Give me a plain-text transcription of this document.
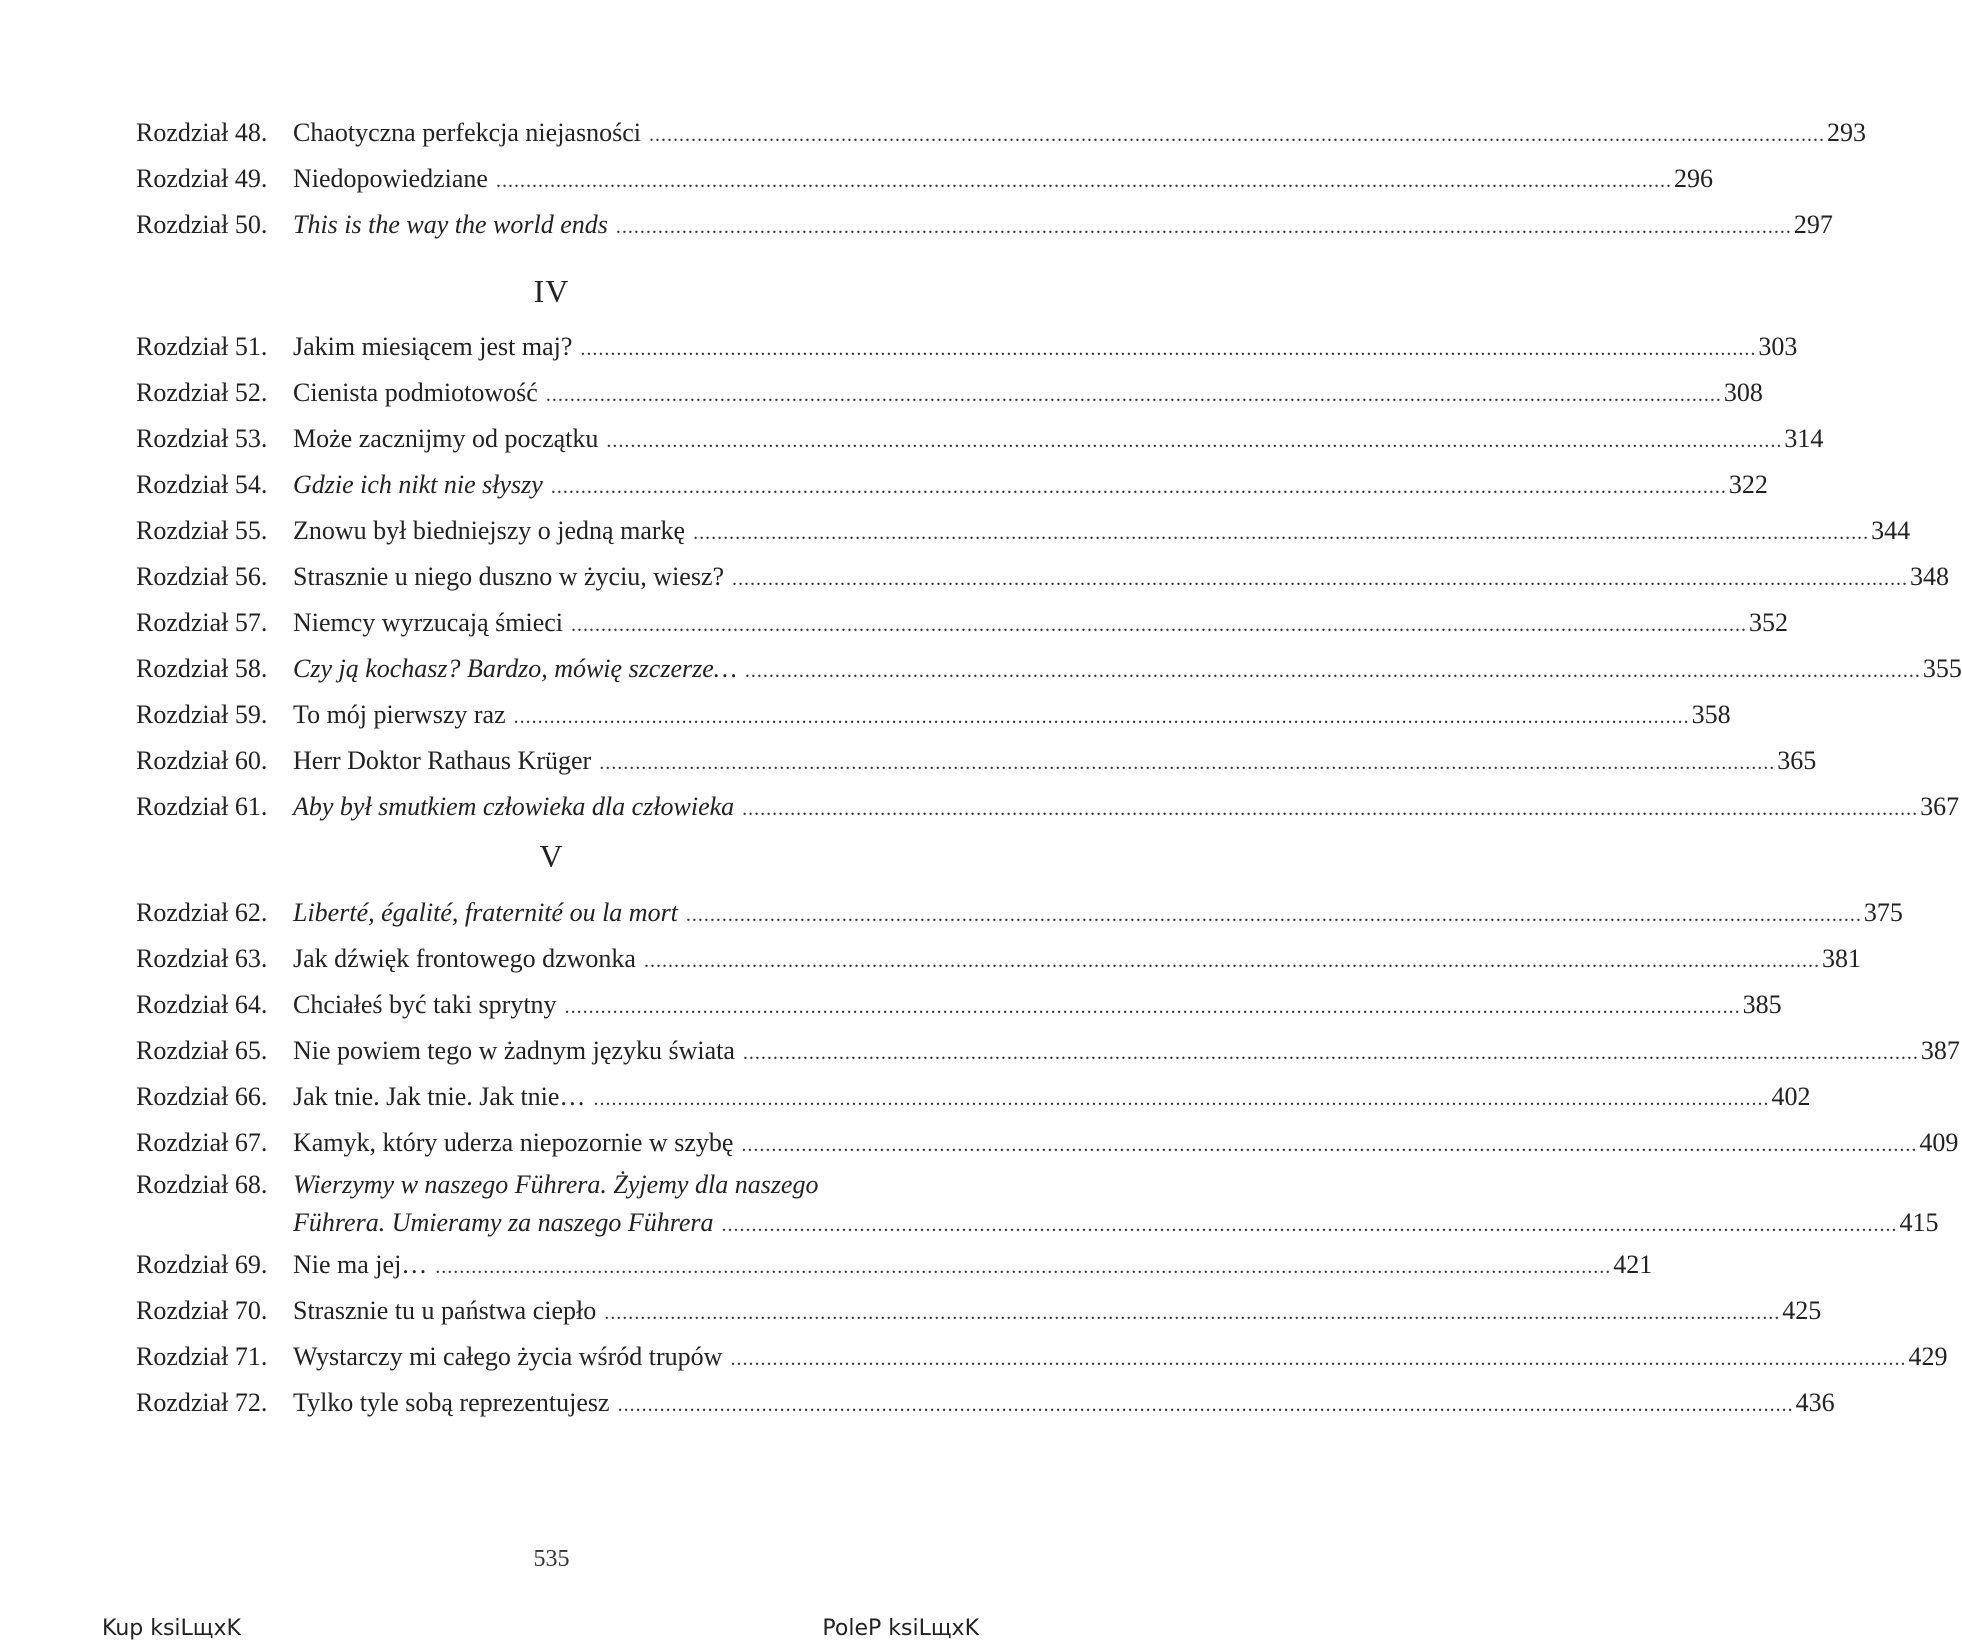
Rozdział 48. Chaotyczna perfekcja niejasności .....	293
Rozdział 49. Niedopowiedziane .....	296
Rozdział 50. This is the way the world ends .....	297
IV
Rozdział 51. Jakim miesiącem jest maj? .....	303
Rozdział 52. Cienista podmiotowość .....	308
Rozdział 53. Może zacznijmy od początku .....	314
Rozdział 54. Gdzie ich nikt nie słyszy .....	322
Rozdział 55. Znowu był biedniejszy o jedną markę .....	344
Rozdział 56. Strasznie u niego duszno w życiu, wiesz? .....	348
Rozdział 57. Niemcy wyrzucają śmieci .....	352
Rozdział 58. Czy ją kochasz? Bardzo, mówię szczerze… .....	355
Rozdział 59. To mój pierwszy raz .....	358
Rozdział 60. Herr Doktor Rathaus Krüger .....	365
Rozdział 61. Aby był smutkiem człowieka dla człowieka .....	367
V
Rozdział 62. Liberté, égalité, fraternité ou la mort .....	375
Rozdział 63. Jak dźwięk frontowego dzwonka .....	381
Rozdział 64. Chciałeś być taki sprytny .....	385
Rozdział 65. Nie powiem tego w żadnym języku świata .....	387
Rozdział 66. Jak tnie. Jak tnie. Jak tnie… .....	402
Rozdział 67. Kamyk, który uderza niepozornie w szybę .....	409
Rozdział 68. Wierzymy w naszego Führera. Żyjemy dla naszego
Führera. Umieramy za naszego Führera .....	415
Rozdział 69. Nie ma jej… .....	421
Rozdział 70. Strasznie tu u państwa ciepło .....	425
Rozdział 71. Wystarczy mi całego życia wśród trupów .....	429
Rozdział 72. Tylko tyle sobą reprezentujesz .....	436
535
Kup ksiLщxK	PoleP ksiLщxK
